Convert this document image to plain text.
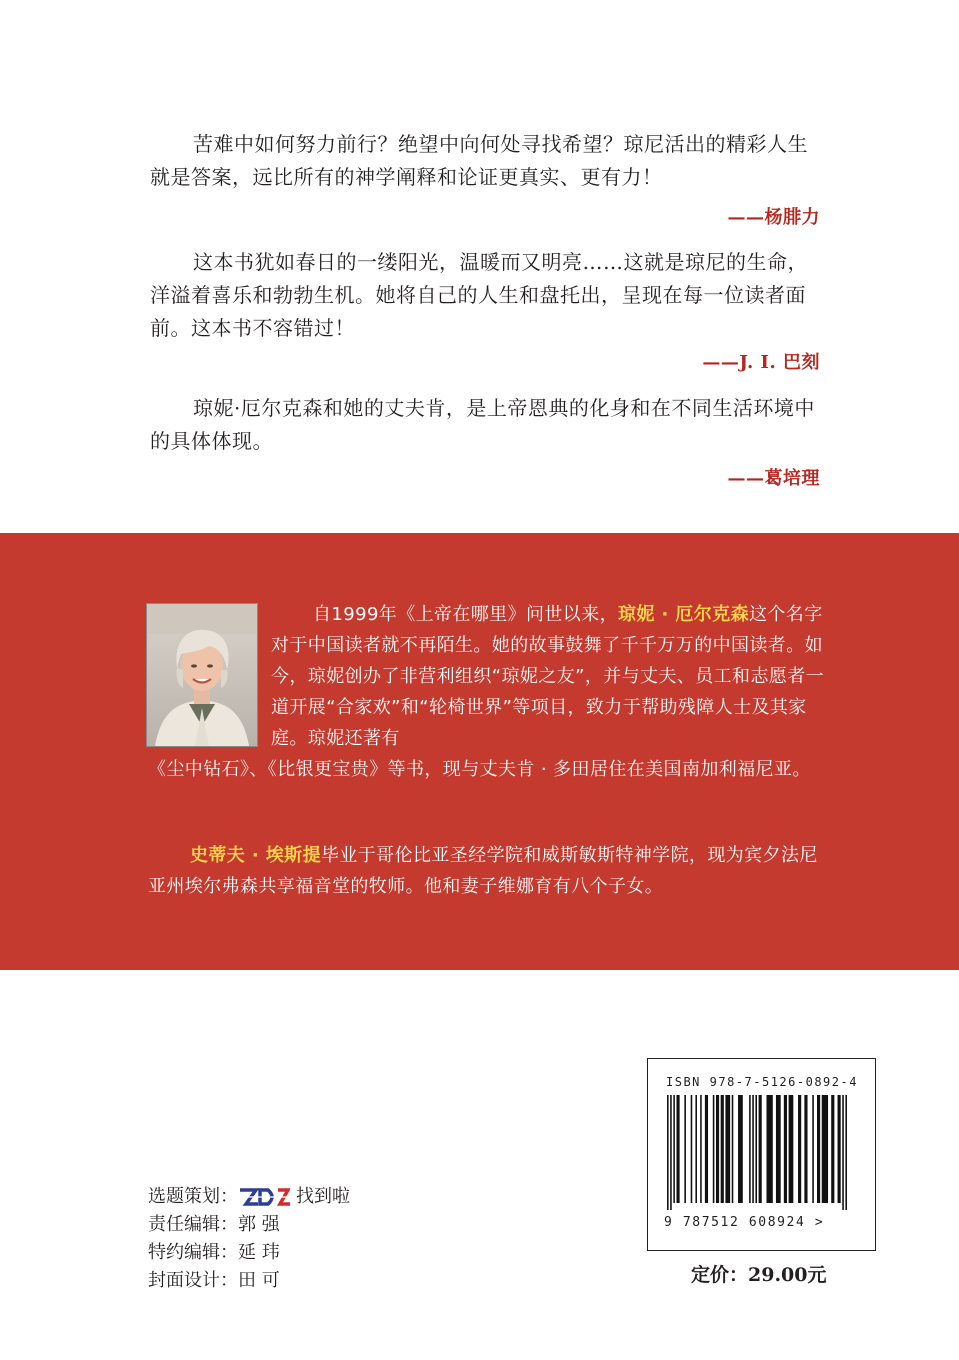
苦难中如何努力前行？绝望中向何处寻找希望？琼尼活出的精彩人生就是答案，远比所有的神学阐释和论证更真实、更有力！

——杨腓力

这本书犹如春日的一缕阳光，温暖而又明亮……这就是琼尼的生命，洋溢着喜乐和勃勃生机。她将自己的人生和盘托出，呈现在每一位读者面前。这本书不容错过！

——J. I. 巴刻

琼妮·厄尔克森和她的丈夫肯，是上帝恩典的化身和在不同生活环境中的具体体现。

——葛培理

自1999年《上帝在哪里》问世以来，琼妮 · 厄尔克森这个名字对于中国读者就不再陌生。她的故事鼓舞了千千万万的中国读者。如今，琼妮创办了非营利组织“琼妮之友”，并与丈夫、员工和志愿者一道开展“合家欢”和“轮椅世界”等项目，致力于帮助残障人士及其家庭。琼妮还著有

《尘中钻石》、《比银更宝贵》等书，现与丈夫肯 · 多田居住在美国南加利福尼亚。

史蒂夫 · 埃斯提毕业于哥伦比亚圣经学院和威斯敏斯特神学院，现为宾夕法尼亚州埃尔弗森共享福音堂的牧师。他和妻子维娜育有八个子女。

选题策划：	找到啦
责任编辑： 郭 强
特约编辑： 延 玮
封面设计： 田 可
ISBN 978-7-5126-0892-4
9 787512 608924 >
定价：29.00元
